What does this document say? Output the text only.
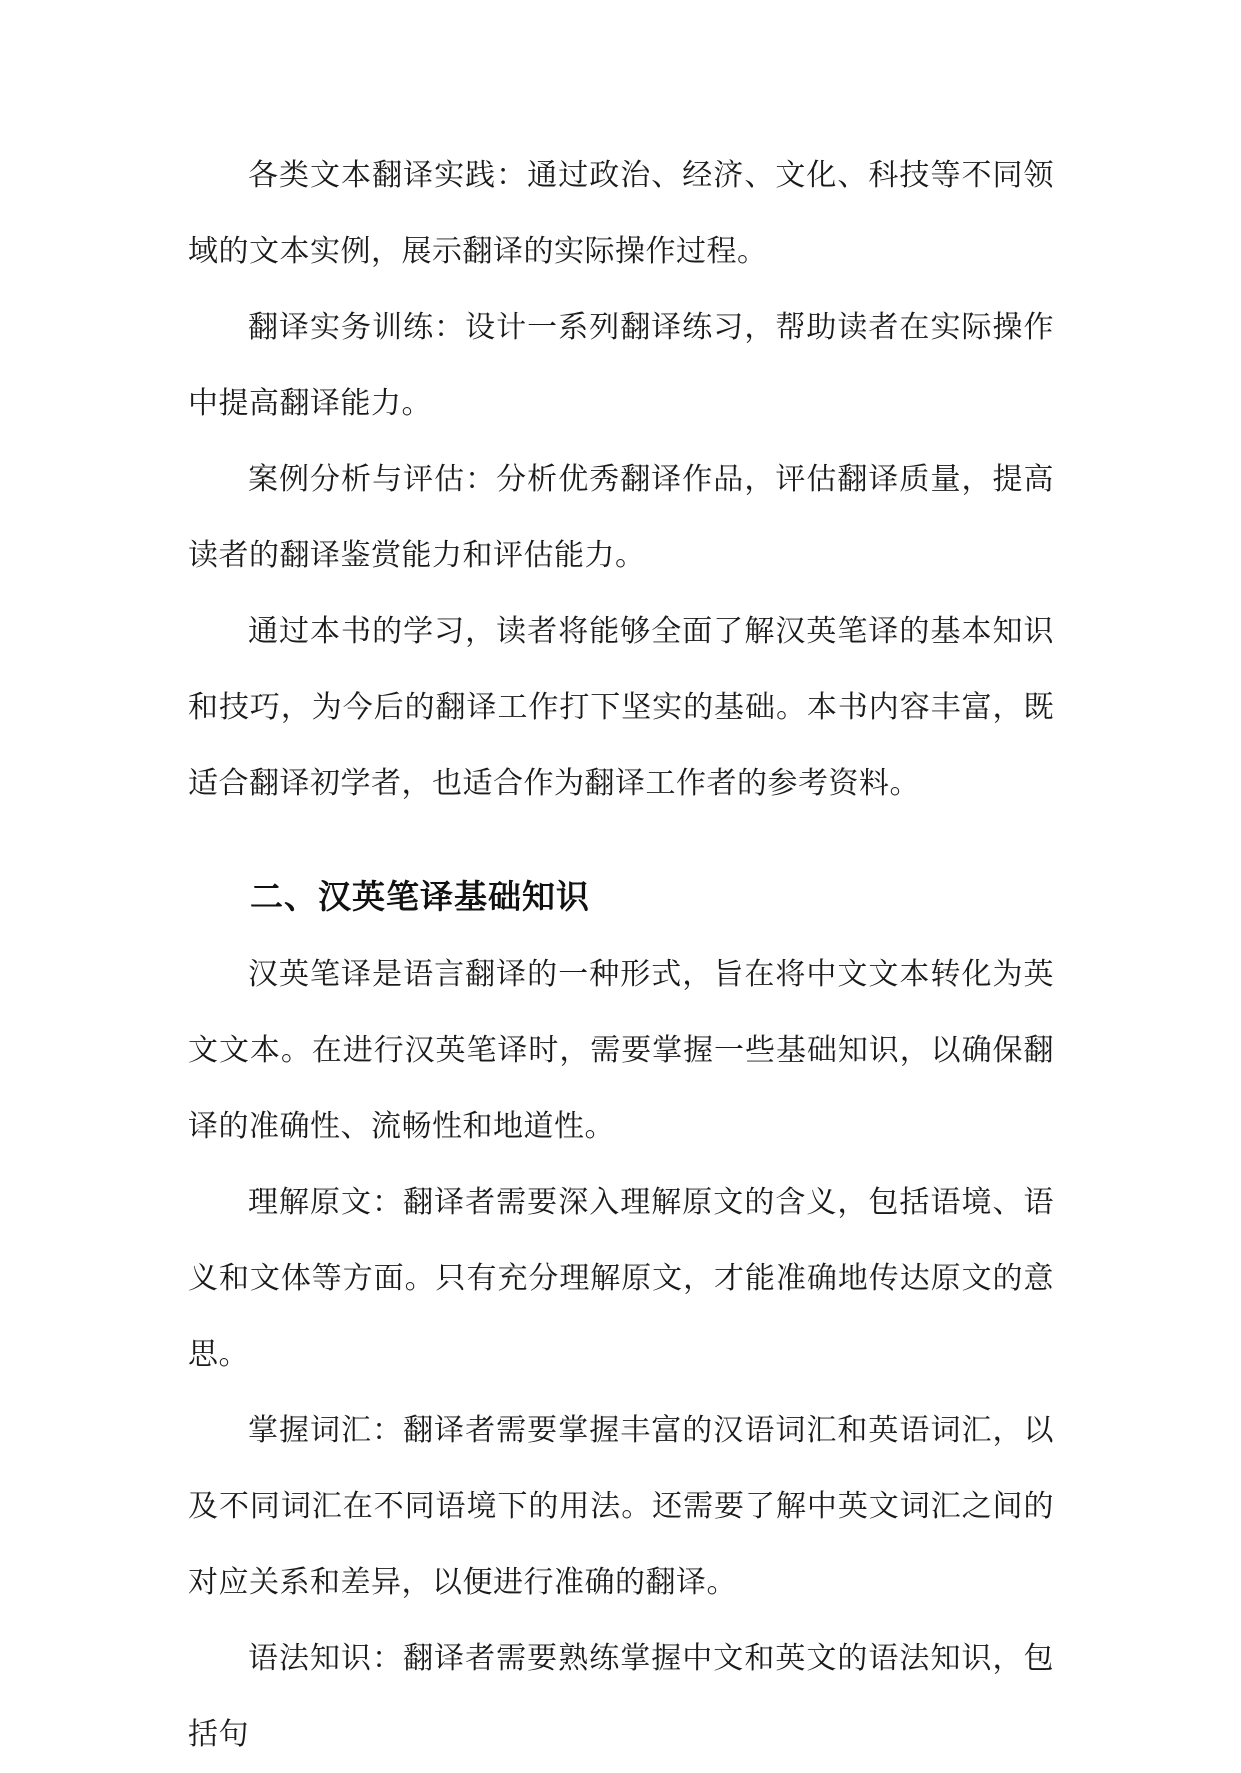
各类文本翻译实践：通过政治、经济、文化、科技等不同领域的文本实例，展示翻译的实际操作过程。

翻译实务训练：设计一系列翻译练习，帮助读者在实际操作中提高翻译能力。

案例分析与评估：分析优秀翻译作品，评估翻译质量，提高读者的翻译鉴赏能力和评估能力。

通过本书的学习，读者将能够全面了解汉英笔译的基本知识和技巧，为今后的翻译工作打下坚实的基础。本书内容丰富，既适合翻译初学者，也适合作为翻译工作者的参考资料。

二、汉英笔译基础知识

汉英笔译是语言翻译的一种形式，旨在将中文文本转化为英文文本。在进行汉英笔译时，需要掌握一些基础知识，以确保翻译的准确性、流畅性和地道性。

理解原文：翻译者需要深入理解原文的含义，包括语境、语义和文体等方面。只有充分理解原文，才能准确地传达原文的意思。

掌握词汇：翻译者需要掌握丰富的汉语词汇和英语词汇，以及不同词汇在不同语境下的用法。还需要了解中英文词汇之间的对应关系和差异，以便进行准确的翻译。

语法知识：翻译者需要熟练掌握中文和英文的语法知识，包括句
